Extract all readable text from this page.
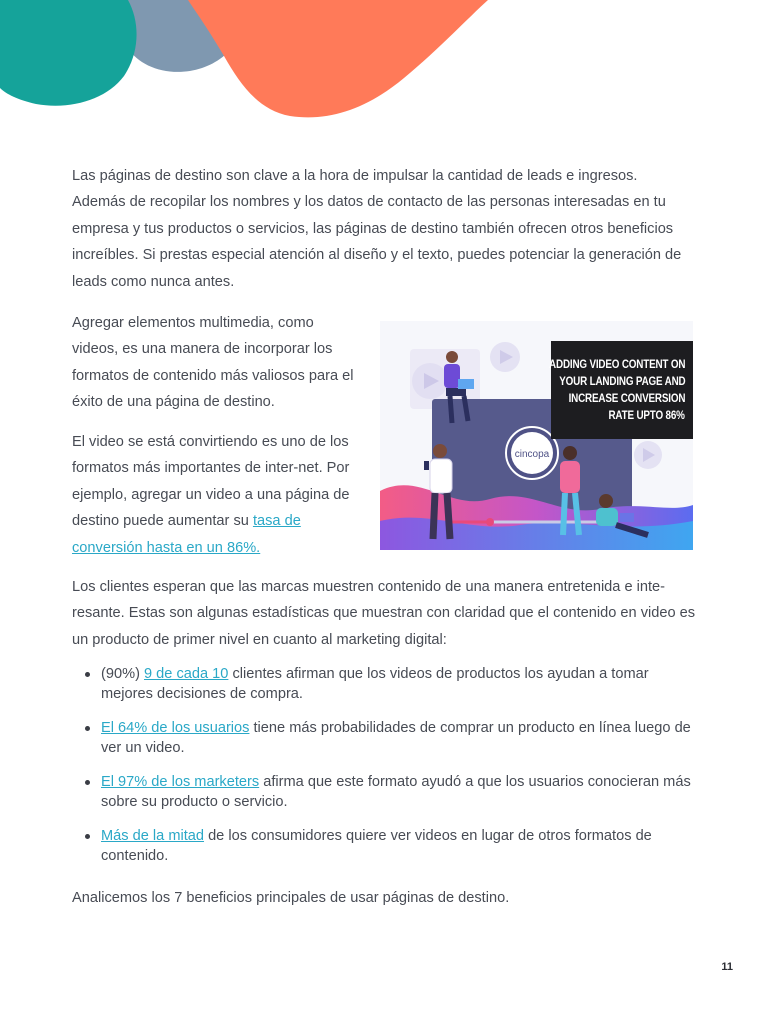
Las páginas de destino son clave a la hora de impulsar la cantidad de leads e ingresos. Además de recopilar los nombres y los datos de contacto de las personas interesadas en tu empresa y tus productos o servicios, las páginas de destino también ofrecen otros beneficios increíbles. Si prestas especial atención al diseño y el texto, puedes potenciar la generación de leads como nunca antes.

Agregar elementos multimedia, como videos, es una manera de incorporar los formatos de contenido más valiosos para el éxito de una página de destino.

El video se está convirtiendo es uno de los formatos más importantes de inter-net. Por ejemplo, agregar un video a una página de destino puede aumentar su tasa de conversión hasta en un 86%.

cincopa
ADDING VIDEO CONTENT ON
YOUR LANDING PAGE AND
INCREASE CONVERSION
RATE UPTO 86%

Los clientes esperan que las marcas muestren contenido de una manera entretenida e inte-resante. Estas son algunas estadísticas que muestran con claridad que el contenido en video es un producto de primer nivel en cuanto al marketing digital:

(90%) 9 de cada 10 clientes afirman que los videos de productos los ayudan a tomar mejores decisiones de compra.
El 64% de los usuarios tiene más probabilidades de comprar un producto en línea luego de ver un video.
El 97% de los marketers afirma que este formato ayudó a que los usuarios conocieran más sobre su producto o servicio.
Más de la mitad de los consumidores quiere ver videos en lugar de otros formatos de contenido.

Analicemos los 7 beneficios principales de usar páginas de destino.

11
